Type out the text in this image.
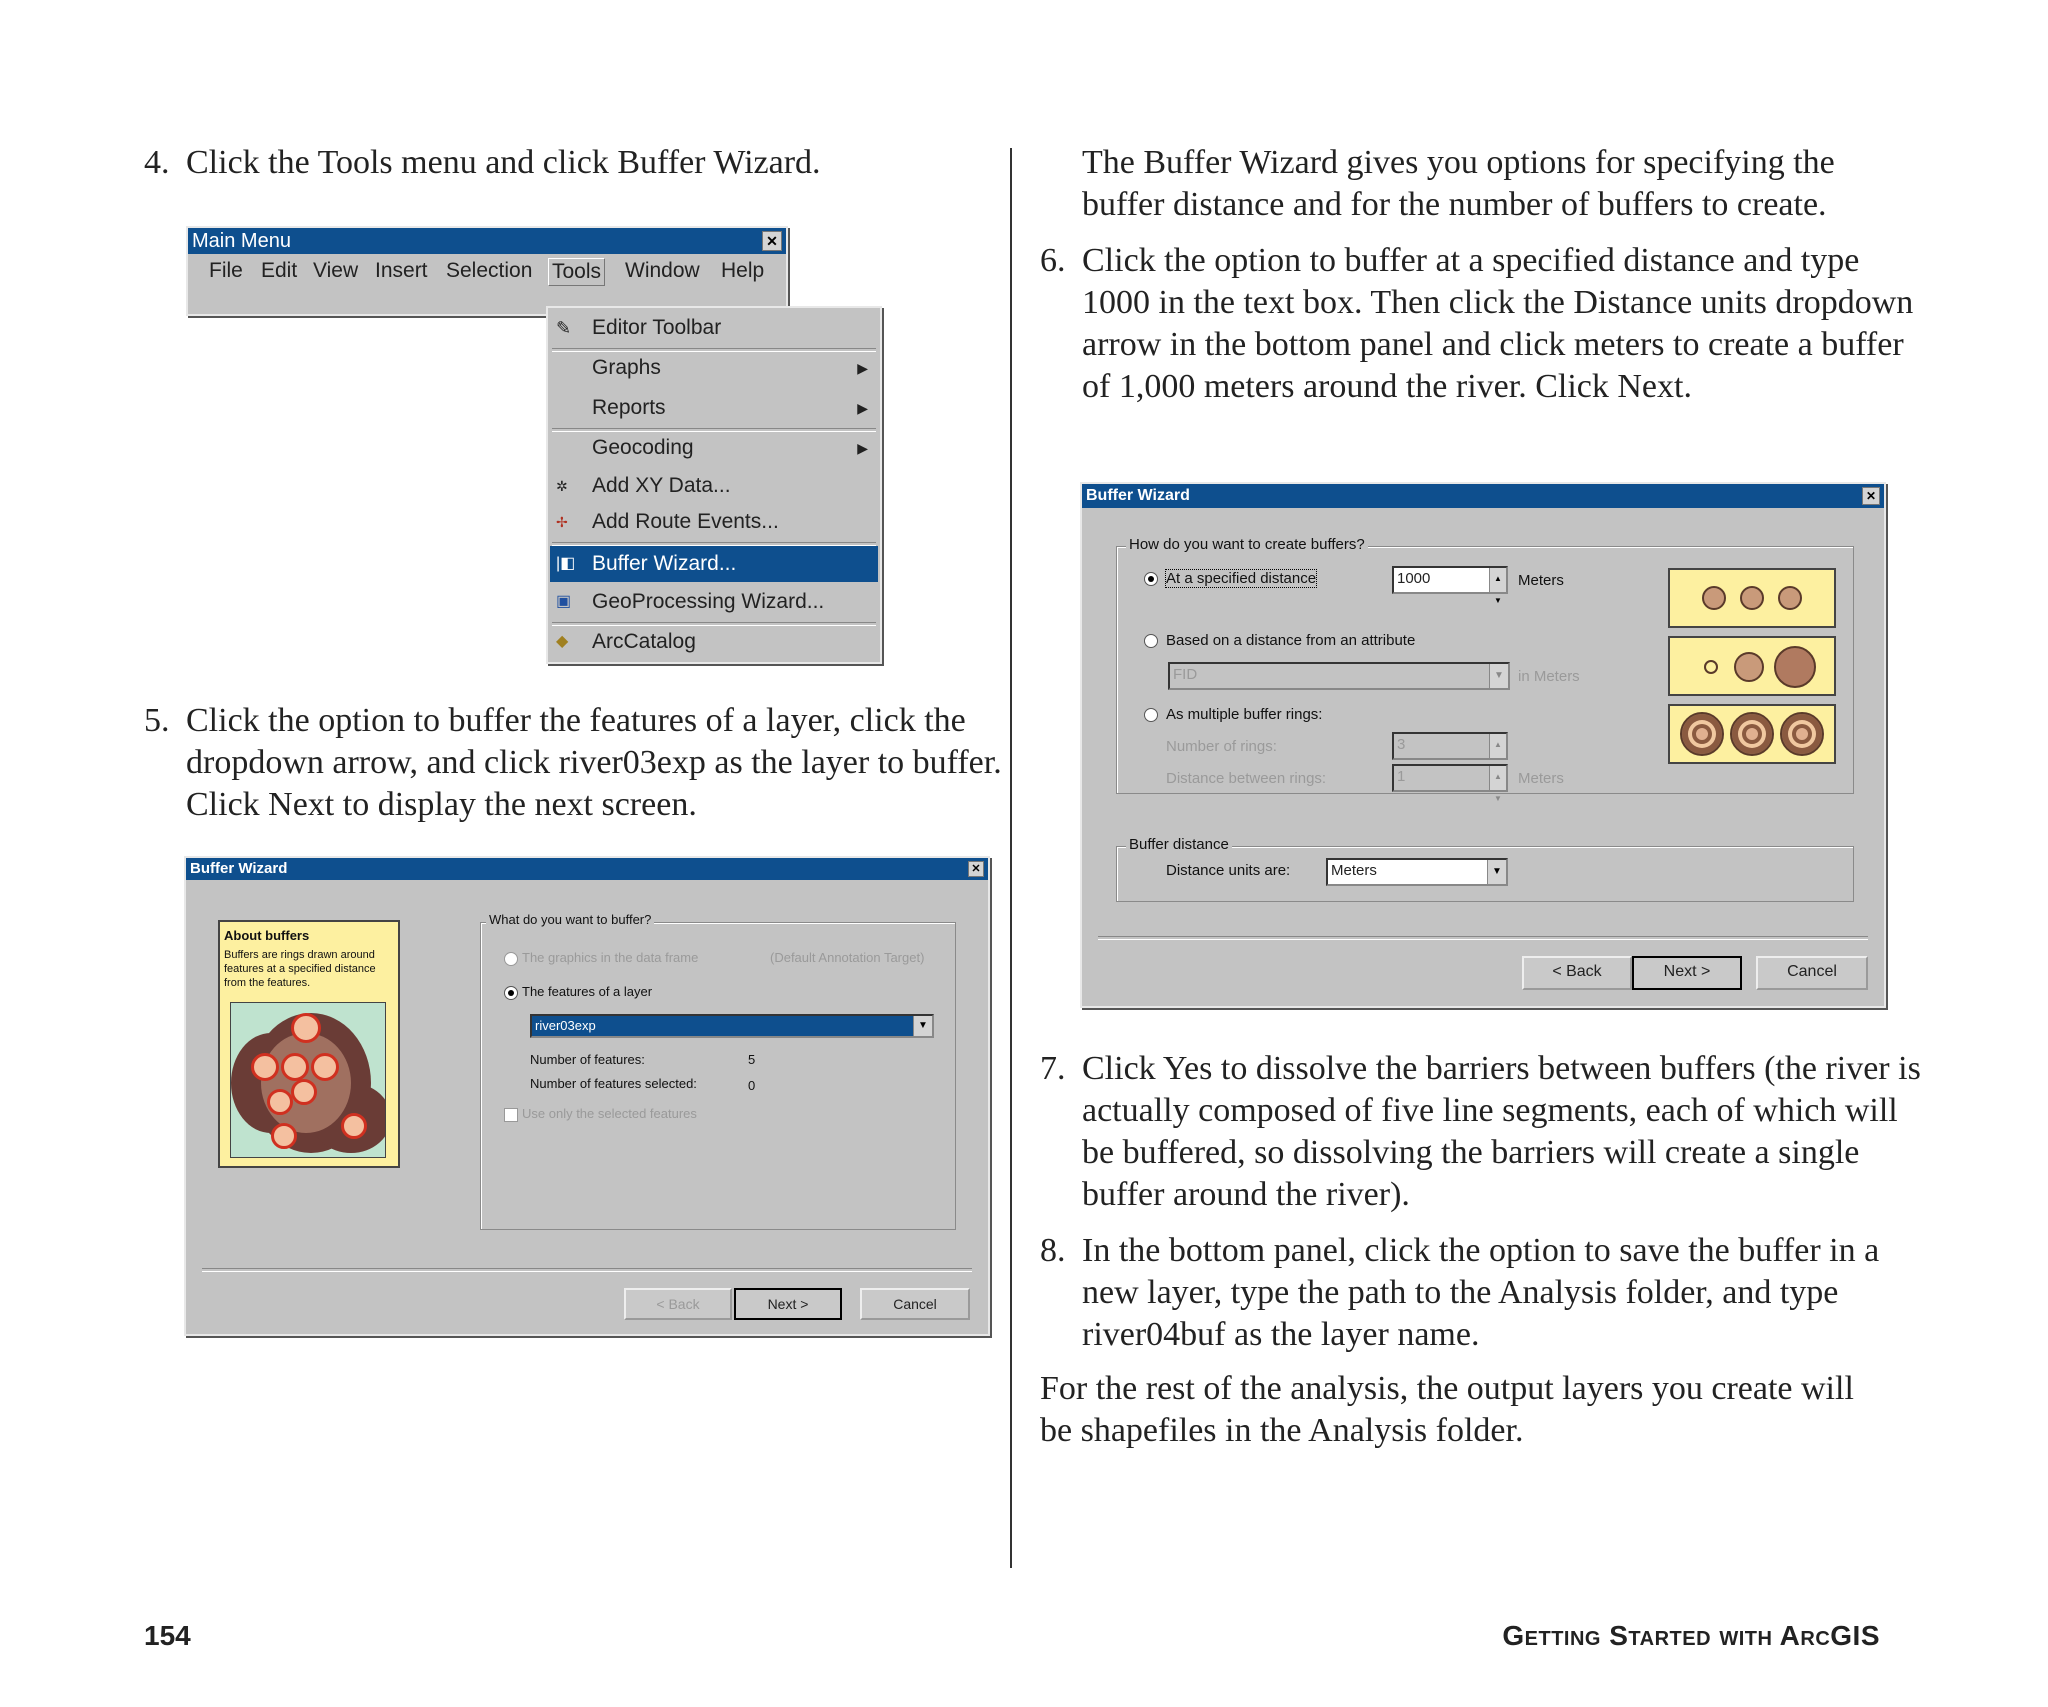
4. Click the Tools menu and click Buffer Wizard.
Main Menu	✕
File Edit View Insert Selection Tools Window Help
✎ Editor Toolbar
Graphs	▶
Reports	▶
Geocoding	▶
✲ Add XY Data...
✢ Add Route Events...
|◧ Buffer Wizard...
▣ GeoProcessing Wizard...
◆ ArcCatalog
5. Click the option to buffer the features of a layer, click the dropdown arrow, and click river03exp as the layer to buffer. Click Next to display the next screen.
Buffer Wizard	✕
About buffers
Buffers are rings drawn around features at a specified distance from the features.
What do you want to buffer?
The graphics in the data frame	(Default Annotation Target)
The features of a layer
river03exp	▼
Number of features:	5
Number of features selected:	0
Use only the selected features
< Back	Next >	Cancel
The Buffer Wizard gives you options for specifying the buffer distance and for the number of buffers to create.
6. Click the option to buffer at a specified distance and type 1000 in the text box. Then click the Distance units dropdown arrow in the bottom panel and click meters to create a buffer of 1,000 meters around the river. Click Next.
Buffer Wizard	✕
How do you want to create buffers?
At a specified distance	1000	▲
▼
Meters
Based on a distance from an attribute
FID	▼ in Meters
As multiple buffer rings:
Number of rings:	3	▲
Distance between rings:	1	▲
▼
Meters
Buffer distance
Distance units are:	Meters	▼
< Back	Next >	Cancel
7. Click Yes to dissolve the barriers between buffers (the river is actually composed of five line segments, each of which will be buffered, so dissolving the barriers will create a single buffer around the river).
8. In the bottom panel, click the option to save the buffer in a new layer, type the path to the Analysis folder, and type river04buf as the layer name.
For the rest of the analysis, the output layers you create will be shapefiles in the Analysis folder.
154	Getting Started with ArcGIS
